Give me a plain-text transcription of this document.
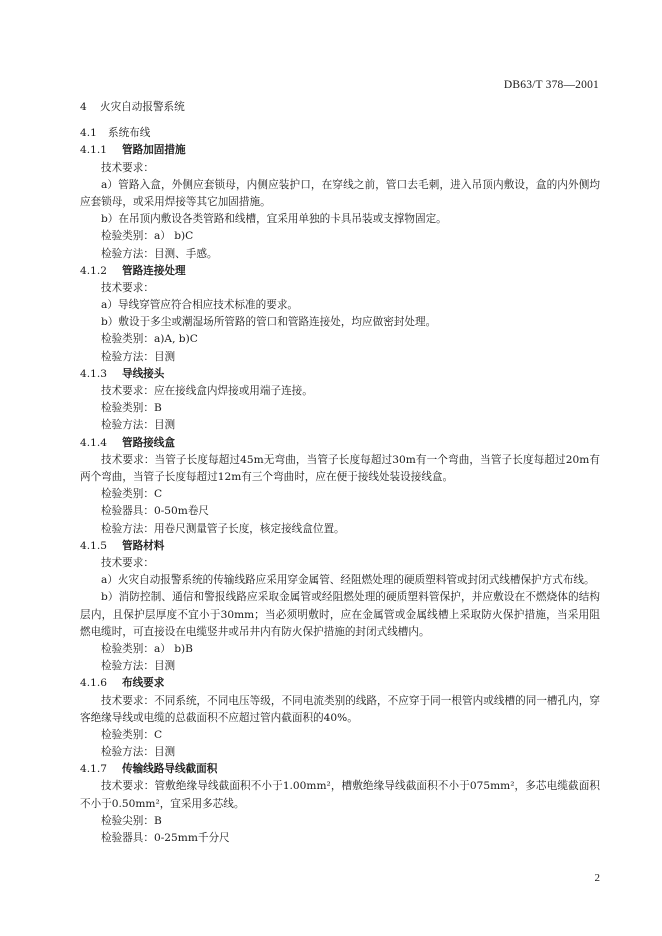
DB63/T 378—2001
4 火灾自动报警系统
4.1 系统布线
4.1.1 管路加固措施
技术要求：
a）管路入盒，外侧应套锁母，内侧应装护口，在穿线之前，管口去毛刺，进入吊顶内敷设，盒的内外侧均应套锁母，或采用焊接等其它加固措施。
b）在吊顶内敷设各类管路和线槽，宜采用单独的卡具吊装或支撑物固定。
检验类别：a） b)C
检验方法：目测、手感。
4.1.2 管路连接处理
技术要求：
a）导线穿管应符合相应技术标准的要求。
b）敷设于多尘或潮湿场所管路的管口和管路连接处，均应做密封处理。
检验类别：a)A, b)C
检验方法：目测
4.1.3 导线接头
技术要求：应在接线盒内焊接或用端子连接。
检验类别：B
检验方法：目测
4.1.4 管路接线盒
技术要求：当管子长度每超过45m无弯曲，当管子长度每超过30m有一个弯曲，当管子长度每超过20m有两个弯曲，当管子长度每超过12m有三个弯曲时，应在便于接线处装设接线盒。
检验类别：C
检验器具：0-50m卷尺
检验方法：用卷尺测量管子长度，核定接线盒位置。
4.1.5 管路材料
技术要求：
a）火灾自动报警系统的传输线路应采用穿金属管、经阻燃处理的硬质塑料管或封闭式线槽保护方式布线。
b）消防控制、通信和警报线路应采取金属管或经阻燃处理的硬质塑料管保护，并应敷设在不燃烧体的结构层内，且保护层厚度不宜小于30mm；当必须明敷时，应在金属管或金属线槽上采取防火保护措施，当采用阻燃电缆时，可直接设在电缆竖井或吊井内有防火保护措施的封闭式线槽内。
检验类别：a） b)B
检验方法：目测
4.1.6 布线要求
技术要求：不同系统，不同电压等级，不同电流类别的线路，不应穿于同一根管内或线槽的同一槽孔内，穿客绝缘导线或电缆的总截面积不应超过管内截面积的40%。
检验类别：C
检验方法：目测
4.1.7 传输线路导线截面积
技术要求：管敷绝缘导线截面积不小于1.00mm²，槽敷绝缘导线截面积不小于075mm²，多芯电缆截面积不小于0.50mm²，宜采用多芯线。
检验尖别：B
检验器具：0-25mm千分尺
2
